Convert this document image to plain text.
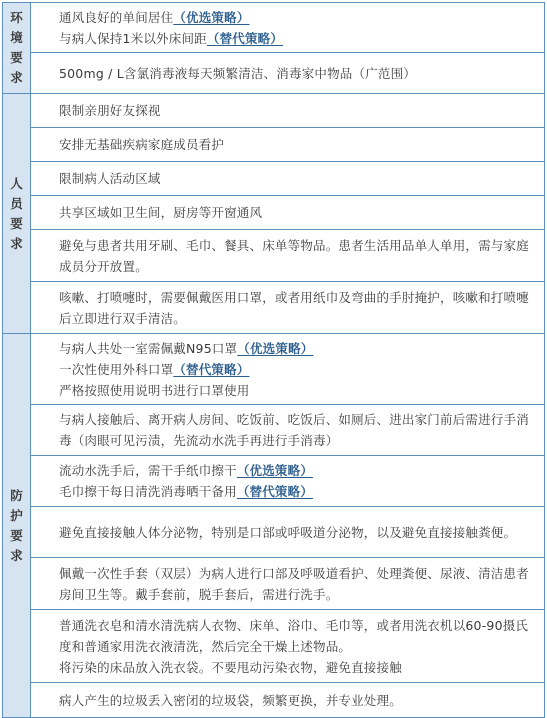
环
境
要
求	通风良好的单间居住（优选策略）
与病人保持1米以外床间距（替代策略）

	500mg / L含氯消毒液每天频繁清洁、消毒家中物品（广范围）

人
员
要
求	限制亲朋好友探视

	安排无基础疾病家庭成员看护

	限制病人活动区域

	共享区域如卫生间，厨房等开窗通风

	避免与患者共用牙刷、毛巾、餐具、床单等物品。患者生活用品单人单用，需与家庭成员分开放置。

	咳嗽、打喷嚏时，需要佩戴医用口罩，或者用纸巾及弯曲的手肘掩护，咳嗽和打喷嚏后立即进行双手清洁。

防
护
要
求	与病人共处一室需佩戴N95口罩（优选策略）
一次性使用外科口罩（替代策略）
严格按照使用说明书进行口罩使用

	与病人接触后、离开病人房间、吃饭前、吃饭后、如厕后、进出家门前后需进行手消毒（肉眼可见污渍，先流动水洗手再进行手消毒）

	流动水洗手后，需干手纸巾擦干（优选策略）
毛巾擦干每日清洗消毒晒干备用（替代策略）

	避免直接接触人体分泌物，特别是口部或呼吸道分泌物，以及避免直接接触粪便。

	佩戴一次性手套（双层）为病人进行口部及呼吸道看护、处理粪便、尿液、清洁患者房间卫生等。戴手套前，脱手套后，需进行洗手。

	普通洗衣皂和清水清洗病人衣物、床单、浴巾、毛巾等，或者用洗衣机以60-90摄氏度和普通家用洗衣液清洗，然后完全干燥上述物品。
将污染的床品放入洗衣袋。不要甩动污染衣物，避免直接接触

	病人产生的垃圾丢入密闭的垃圾袋，频繁更换，并专业处理。
